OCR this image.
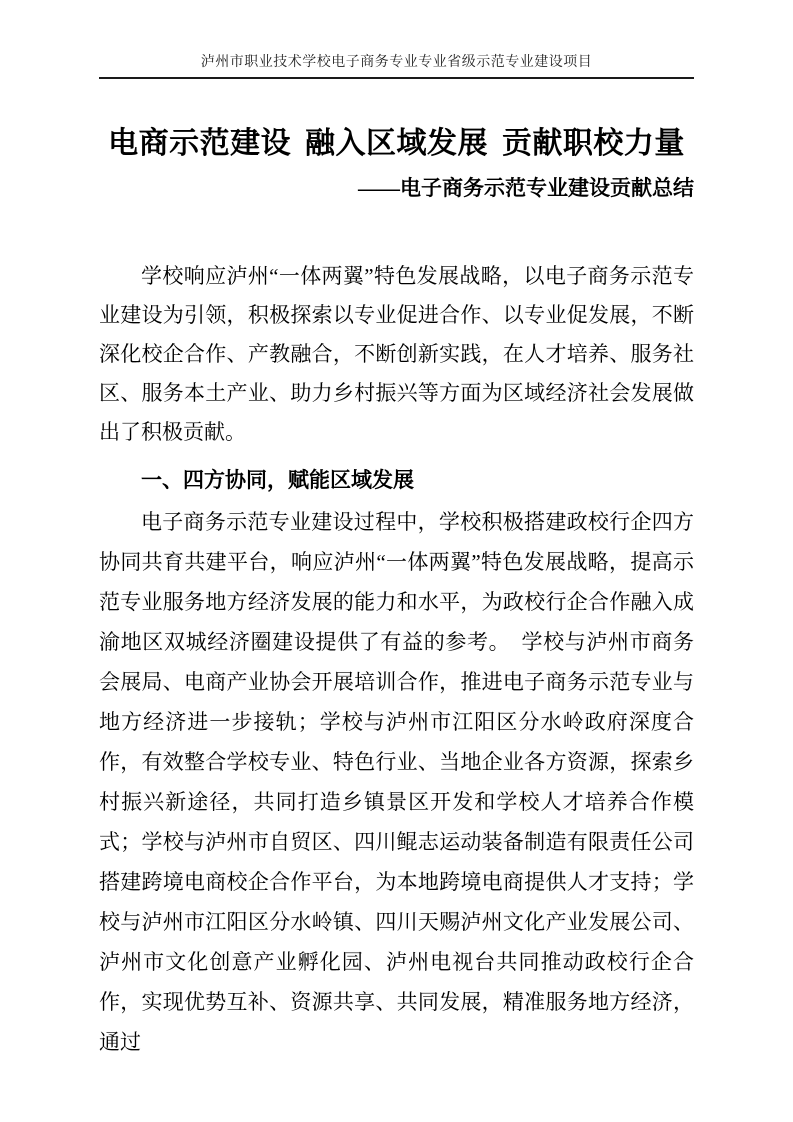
泸州市职业技术学校电子商务专业专业省级示范专业建设项目
电商示范建设 融入区域发展 贡献职校力量
——电子商务示范专业建设贡献总结

学校响应泸州“一体两翼”特色发展战略，以电子商务示范专业建设为引领，积极探索以专业促进合作、以专业促发展，不断深化校企合作、产教融合，不断创新实践，在人才培养、服务社区、服务本土产业、助力乡村振兴等方面为区域经济社会发展做出了积极贡献。

一、四方协同，赋能区域发展

电子商务示范专业建设过程中，学校积极搭建政校行企四方协同共育共建平台，响应泸州“一体两翼”特色发展战略，提高示范专业服务地方经济发展的能力和水平，为政校行企合作融入成渝地区双城经济圈建设提供了有益的参考。　学校与泸州市商务会展局、电商产业协会开展培训合作，推进电子商务示范专业与地方经济进一步接轨；学校与泸州市江阳区分水岭政府深度合作，有效整合学校专业、特色行业、当地企业各方资源，探索乡村振兴新途径，共同打造乡镇景区开发和学校人才培养合作模式；学校与泸州市自贸区、四川鲲志运动装备制造有限责任公司搭建跨境电商校企合作平台，为本地跨境电商提供人才支持；学校与泸州市江阳区分水岭镇、四川天赐泸州文化产业发展公司、泸州市文化创意产业孵化园、泸州电视台共同推动政校行企合作，实现优势互补、资源共享、共同发展，精准服务地方经济，通过
